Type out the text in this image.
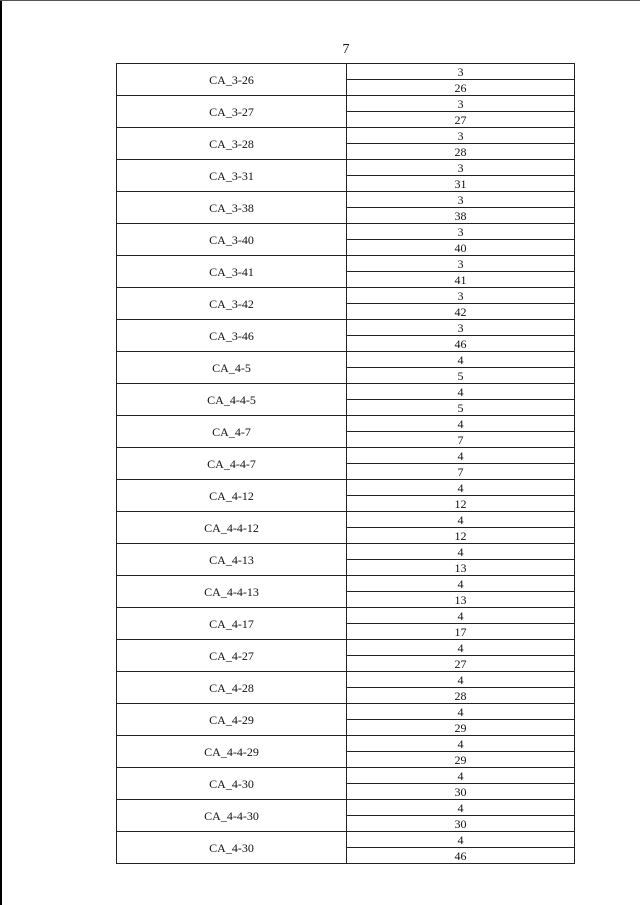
7
CA_3-26	3
26

CA_3-27	3
27

CA_3-28	3
28

CA_3-31	3
31

CA_3-38	3
38

CA_3-40	3
40

CA_3-41	3
41

CA_3-42	3
42

CA_3-46	3
46

CA_4-5	4
5

CA_4-4-5	4
5

CA_4-7	4
7

CA_4-4-7	4
7

CA_4-12	4
12

CA_4-4-12	4
12

CA_4-13	4
13

CA_4-4-13	4
13

CA_4-17	4
17

CA_4-27	4
27

CA_4-28	4
28

CA_4-29	4
29

CA_4-4-29	4
29

CA_4-30	4
30

CA_4-4-30	4
30

CA_4-30	4
46
